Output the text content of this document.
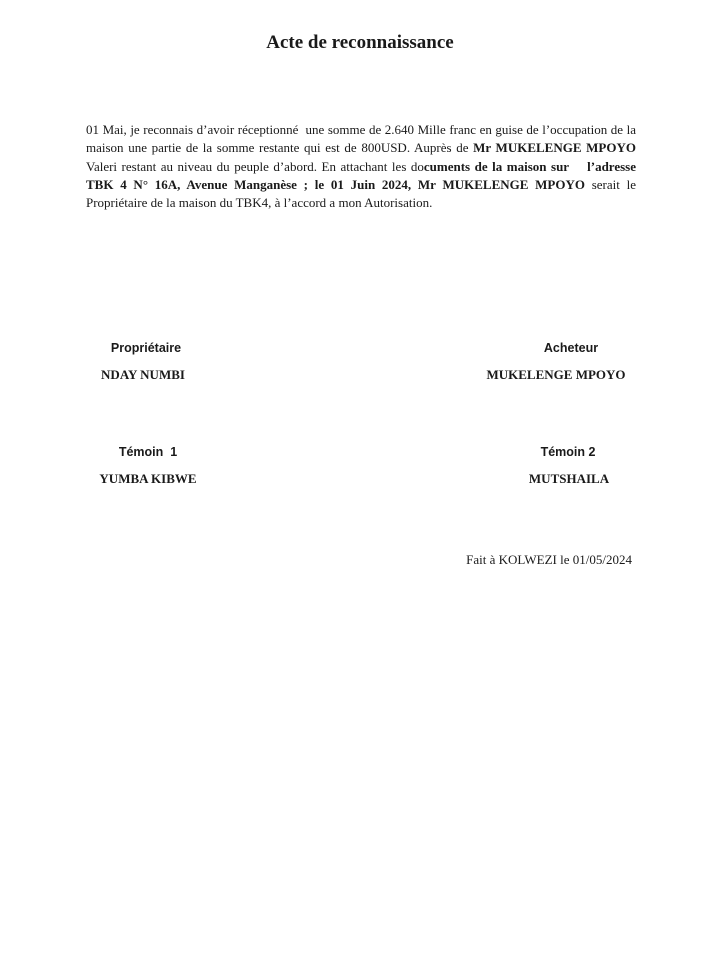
Acte de reconnaissance

01 Mai, je reconnais d’avoir réceptionné  une somme de 2.640 Mille franc en guise de l’occupation de la maison une partie de la somme restante qui est de 800USD. Auprès de Mr MUKELENGE MPOYO Valeri restant au niveau du peuple d’abord. En attachant les documents de la maison sur    l’adresse TBK 4 N° 16A, Avenue Manganèse ; le 01 Juin 2024, Mr MUKELENGE MPOYO serait le Propriétaire de la maison du TBK4, à l’accord a mon Autorisation.

Propriétaire
NDAY NUMBI
Acheteur
MUKELENGE MPOYO
Témoin  1
YUMBA KIBWE
Témoin 2
MUTSHAILA
Fait à KOLWEZI le 01/05/2024
